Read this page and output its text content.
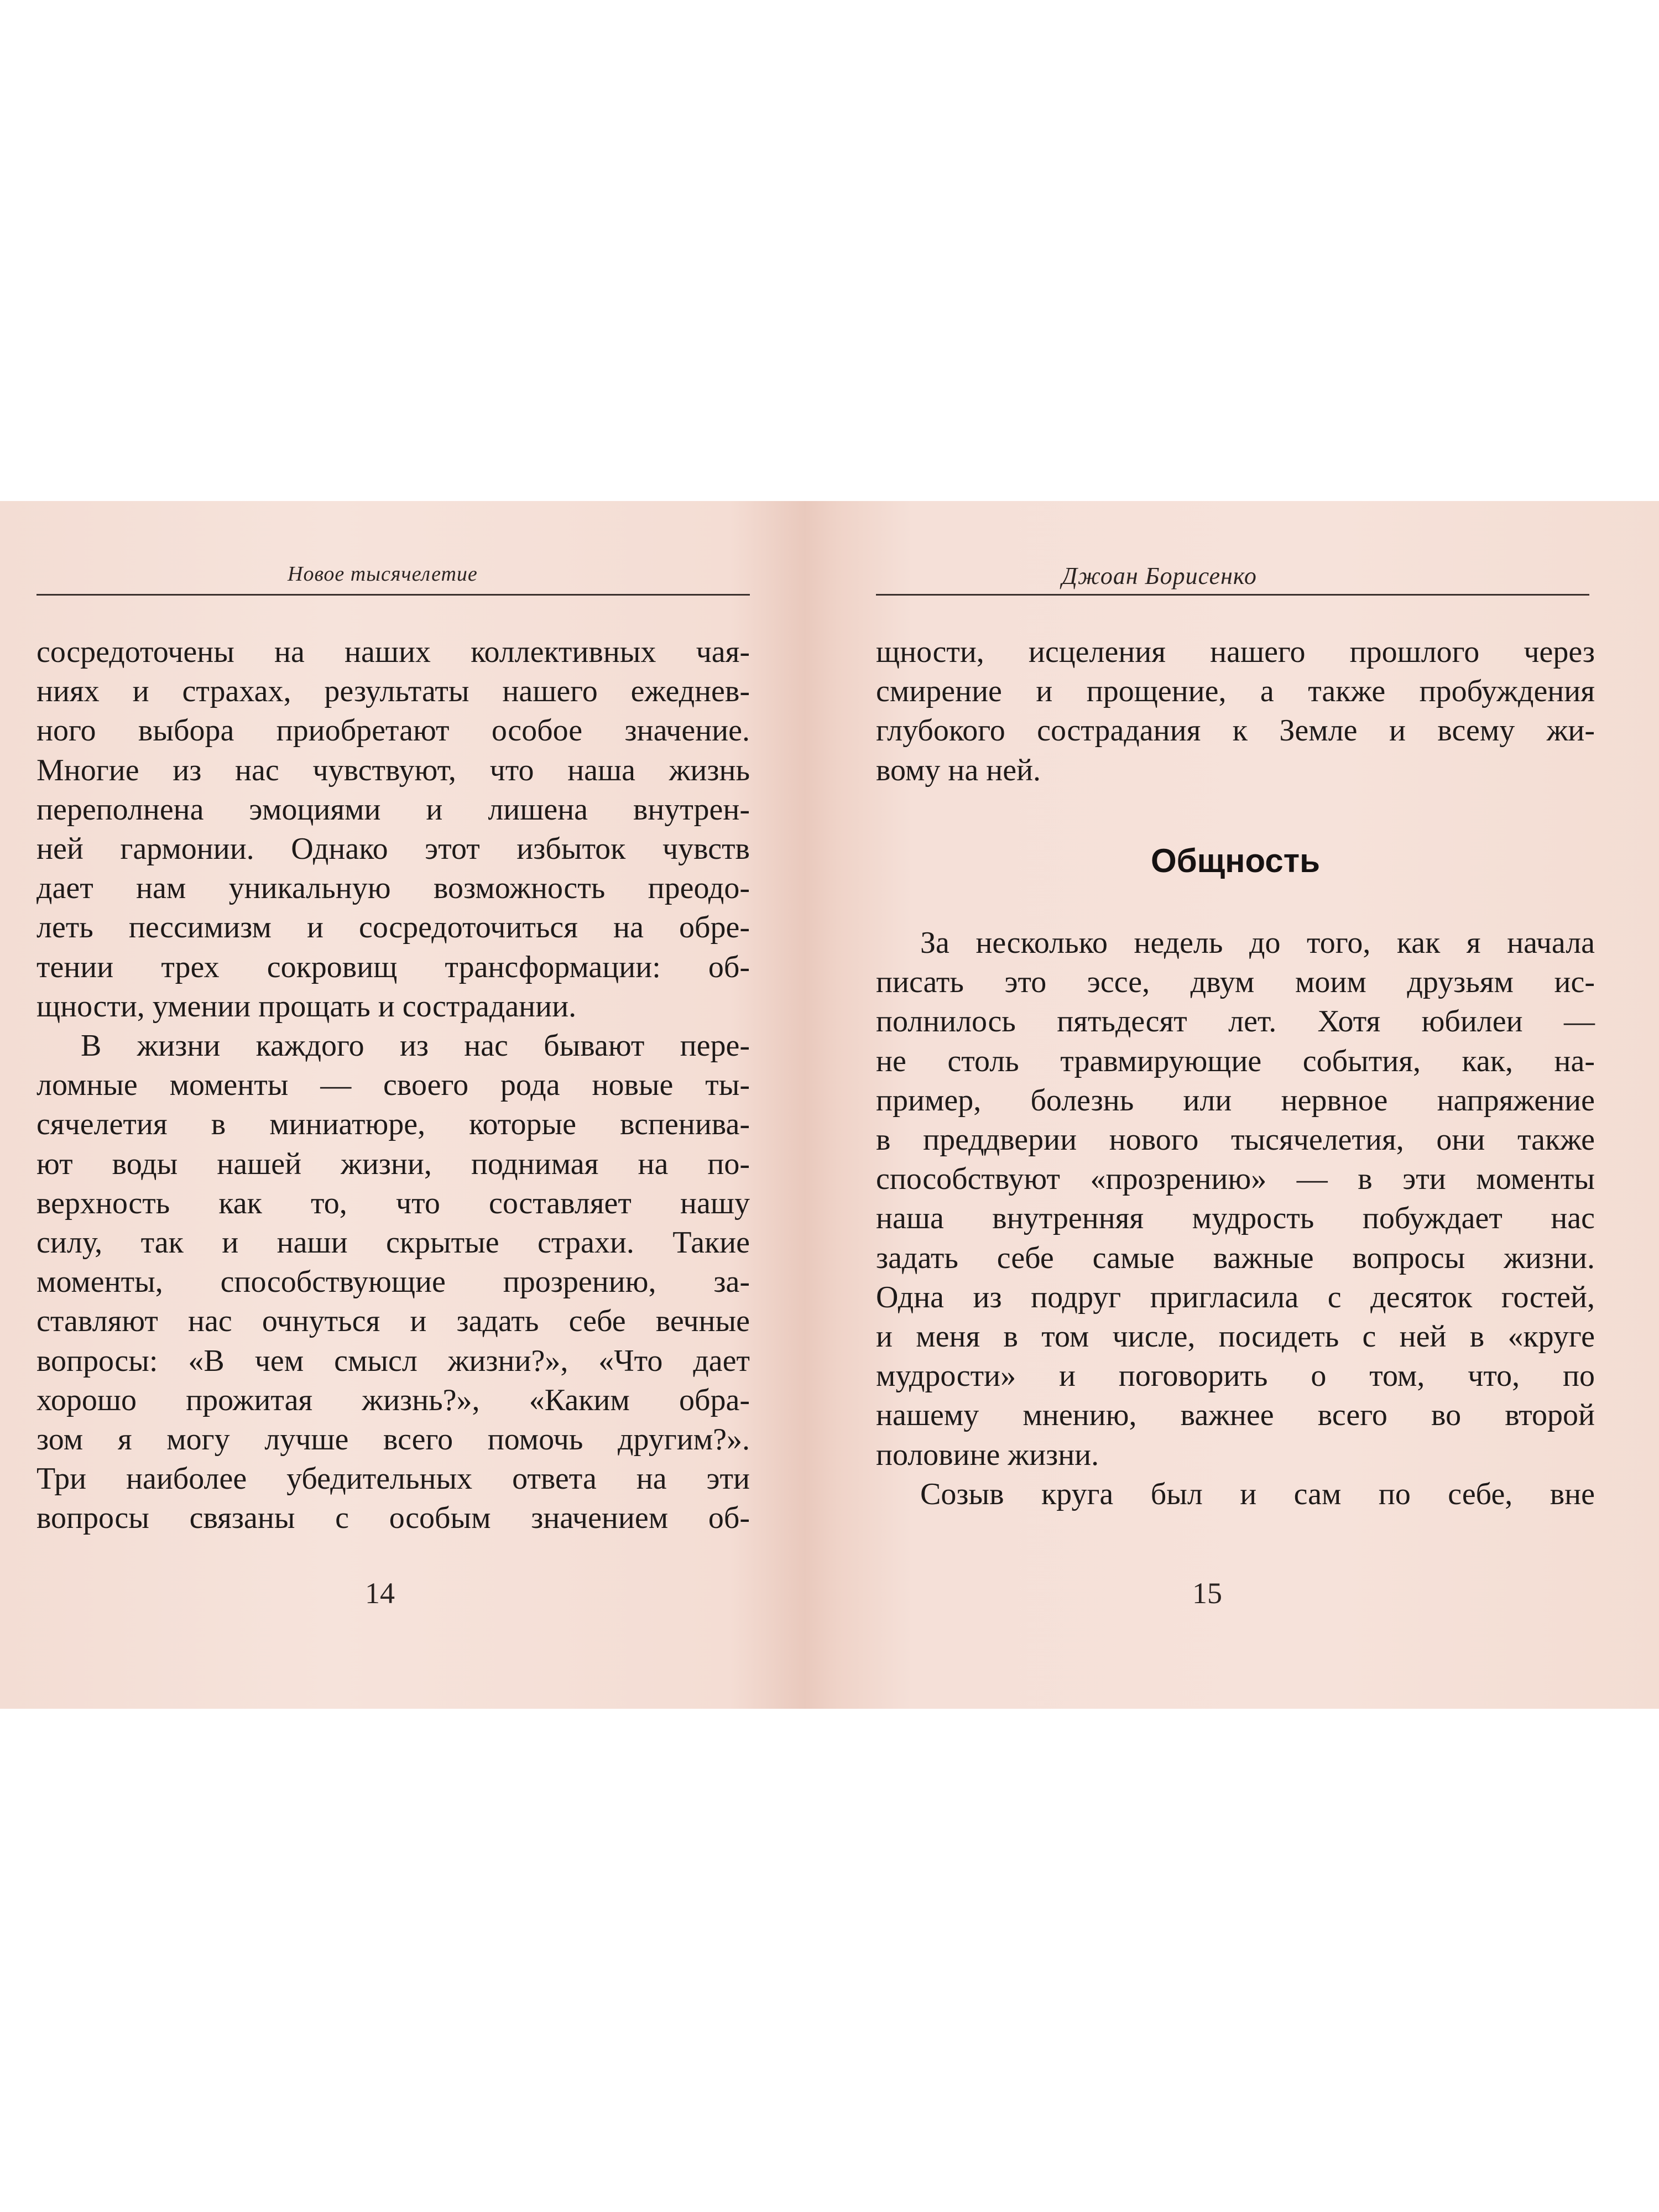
Новое тысячелетие
сосредоточены на наших коллективных чая-
ниях и страхах, результаты нашего ежеднев-
ного выбора приобретают особое значение.
Многие из нас чувствуют, что наша жизнь
переполнена эмоциями и лишена внутрен-
ней гармонии. Однако этот избыток чувств
дает нам уникальную возможность преодо-
леть пессимизм и сосредоточиться на обре-
тении трех сокровищ трансформации: об-
щности, умении прощать и сострадании.
В жизни каждого из нас бывают пере-
ломные моменты — своего рода новые ты-
сячелетия в миниатюре, которые вспенива-
ют воды нашей жизни, поднимая на по-
верхность как то, что составляет нашу
силу, так и наши скрытые страхи. Такие
моменты, способствующие прозрению, за-
ставляют нас очнуться и задать себе вечные
вопросы: «В чем смысл жизни?», «Что дает
хорошо прожитая жизнь?», «Каким обра-
зом я могу лучше всего помочь другим?».
Три наиболее убедительных ответа на эти
вопросы связаны с особым значением об-
14
Джоан Борисенко
щности, исцеления нашего прошлого через
смирение и прощение, а также пробуждения
глубокого сострадания к Земле и всему жи-
вому на ней.
Общность
За несколько недель до того, как я начала
писать это эссе, двум моим друзьям ис-
полнилось пятьдесят лет. Хотя юбилеи —
не столь травмирующие события, как, на-
пример, болезнь или нервное напряжение
в преддверии нового тысячелетия, они также
способствуют «прозрению» — в эти моменты
наша внутренняя мудрость побуждает нас
задать себе самые важные вопросы жизни.
Одна из подруг пригласила с десяток гостей,
и меня в том числе, посидеть с ней в «круге
мудрости» и поговорить о том, что, по
нашему мнению, важнее всего во второй
половине жизни.
Созыв круга был и сам по себе, вне
15
